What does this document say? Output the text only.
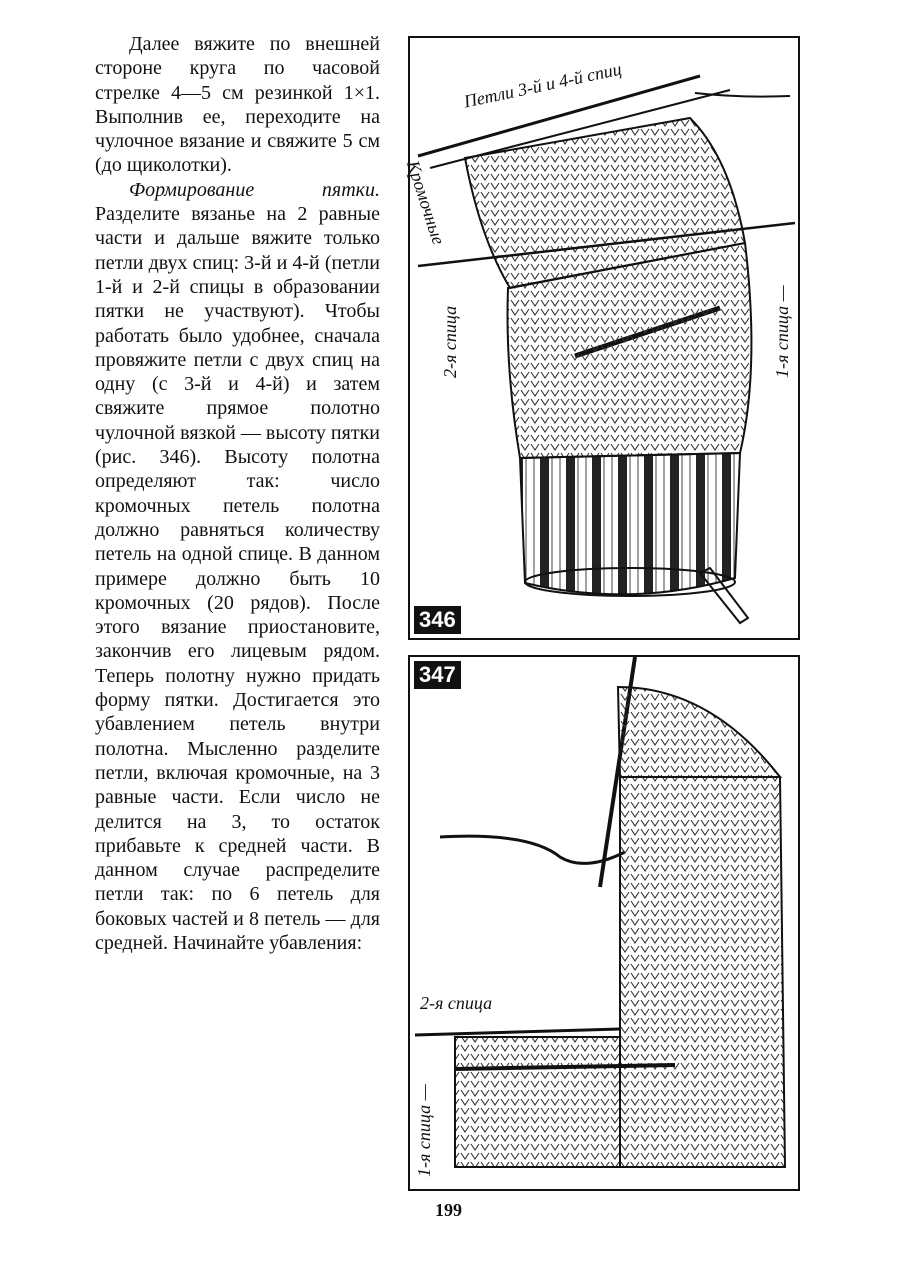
Далее вяжите по внешней стороне круга по часовой стрелке 4—5 см резинкой 1×1. Выполнив ее, переходите на чулочное вязание и свяжите 5 см (до щиколотки).

Формирование пятки. Разделите вязанье на 2 равные части и дальше вяжите только петли двух спиц: 3-й и 4-й (петли 1-й и 2-й спицы в образовании пятки не участвуют). Чтобы работать было удобнее, сначала провяжите петли с двух спиц на одну (с 3-й и 4-й) и затем свяжите прямое полотно чулочной вязкой — высоту пятки (рис. 346). Высоту полотна определяют так: число кромочных петель полотна должно равняться количеству петель на одной спице. В данном примере должно быть 10 кромочных (20 рядов). После этого вязание приостановите, закончив его лицевым рядом. Теперь полотну нужно придать форму пятки. Достигается это убавлением петель внутри полотна. Мысленно разделите петли, включая кромочные, на 3 равные части. Если число не делится на 3, то остаток прибавьте к средней части. В данном случае распределите петли так: по 6 петель для боковых частей и 8 петель — для средней. Начинайте убавления:

Петли 3-й и 4-й спиц
Кромочные
2-я спица	1-я спица —
346
2-я спица
1-я спица —
347
199
